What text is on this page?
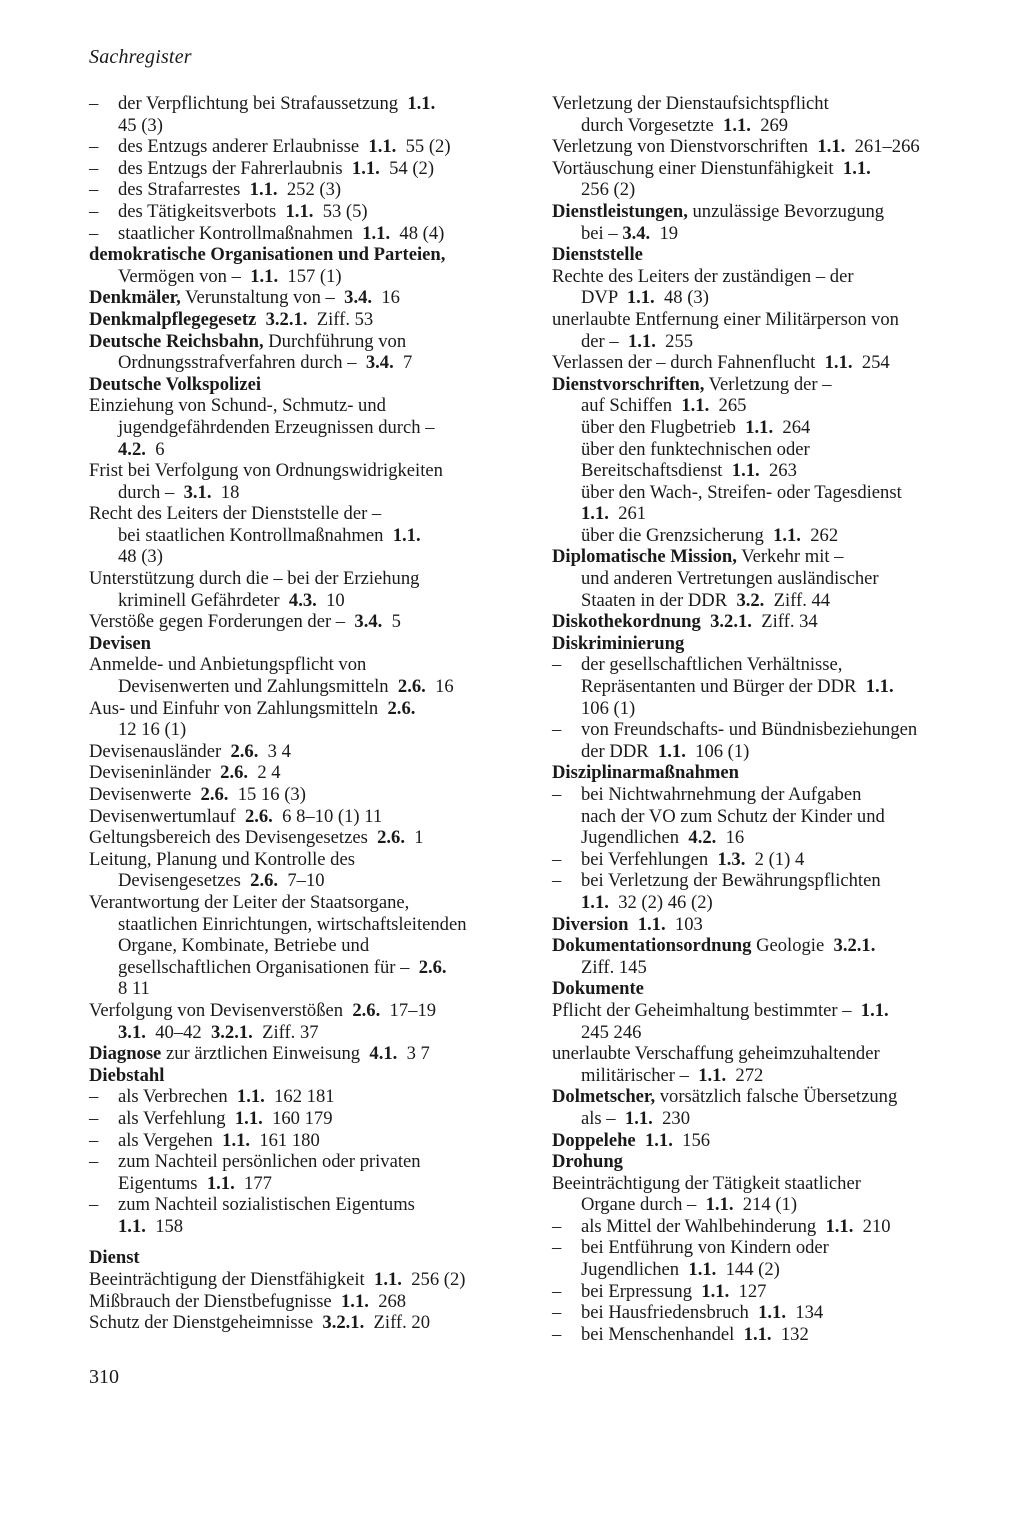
Sachregister
–	der Verpflichtung bei Strafaussetzung  1.1.
45 (3)
–	des Entzugs anderer Erlaubnisse  1.1.  55 (2)
–	des Entzugs der Fahrerlaubnis  1.1.  54 (2)
–	des Strafarrestes  1.1.  252 (3)
–	des Tätigkeitsverbots  1.1.  53 (5)
–	staatlicher Kontrollmaßnahmen  1.1.  48 (4)
demokratische Organisationen und Parteien,
Vermögen von –  1.1.  157 (1)
Denkmäler, Verunstaltung von –  3.4.  16
Denkmalpflegegesetz 3.2.1.  Ziff. 53
Deutsche Reichsbahn, Durchführung von
Ordnungsstrafverfahren durch –  3.4.  7
Deutsche Volkspolizei
Einziehung von Schund-, Schmutz- und
jugendgefährdenden Erzeugnissen durch –
4.2.  6
Frist bei Verfolgung von Ordnungswidrigkeiten
durch –  3.1.  18
Recht des Leiters der Dienststelle der –
bei staatlichen Kontrollmaßnahmen  1.1.
48 (3)
Unterstützung durch die – bei der Erziehung
kriminell Gefährdeter  4.3.  10
Verstöße gegen Forderungen der –  3.4.  5
Devisen
Anmelde- und Anbietungspflicht von
Devisenwerten und Zahlungsmitteln  2.6.  16
Aus- und Einfuhr von Zahlungsmitteln  2.6.
12 16 (1)
Devisenausländer  2.6.  3 4
Deviseninländer  2.6.  2 4
Devisenwerte  2.6.  15 16 (3)
Devisenwertumlauf  2.6.  6 8–10 (1) 11
Geltungsbereich des Devisengesetzes  2.6.  1
Leitung, Planung und Kontrolle des
Devisengesetzes  2.6.  7–10
Verantwortung der Leiter der Staatsorgane,
staatlichen Einrichtungen, wirtschaftsleitenden
Organe, Kombinate, Betriebe und
gesellschaftlichen Organisationen für –  2.6.
8 11
Verfolgung von Devisenverstößen  2.6.  17–19
3.1.  40–42  3.2.1.  Ziff. 37
Diagnose zur ärztlichen Einweisung  4.1.  3 7
Diebstahl
–	als Verbrechen  1.1.  162 181
–	als Verfehlung  1.1.  160 179
–	als Vergehen  1.1.  161 180
–	zum Nachteil persönlichen oder privaten
Eigentums  1.1.  177
–	zum Nachteil sozialistischen Eigentums
1.1.  158
Dienst
Beeinträchtigung der Dienstfähigkeit  1.1.  256 (2)
Mißbrauch der Dienstbefugnisse  1.1.  268
Schutz der Dienstgeheimnisse  3.2.1.  Ziff. 20
Verletzung der Dienstaufsichtspflicht
durch Vorgesetzte  1.1.  269
Verletzung von Dienstvorschriften  1.1.  261–266
Vortäuschung einer Dienstunfähigkeit  1.1.
256 (2)
Dienstleistungen, unzulässige Bevorzugung
bei – 3.4.  19
Dienststelle
Rechte des Leiters der zuständigen – der
DVP  1.1.  48 (3)
unerlaubte Entfernung einer Militärperson von
der –  1.1.  255
Verlassen der – durch Fahnenflucht  1.1.  254
Dienstvorschriften, Verletzung der –
auf Schiffen  1.1.  265
über den Flugbetrieb  1.1.  264
über den funktechnischen oder
Bereitschaftsdienst  1.1.  263
über den Wach-, Streifen- oder Tagesdienst
1.1.  261
über die Grenzsicherung  1.1.  262
Diplomatische Mission, Verkehr mit –
und anderen Vertretungen ausländischer
Staaten in der DDR  3.2.  Ziff. 44
Diskothekordnung 3.2.1.  Ziff. 34
Diskriminierung
–	der gesellschaftlichen Verhältnisse,
Repräsentanten und Bürger der DDR  1.1.
106 (1)
–	von Freundschafts- und Bündnisbeziehungen
der DDR  1.1.  106 (1)
Disziplinarmaßnahmen
–	bei Nichtwahrnehmung der Aufgaben
nach der VO zum Schutz der Kinder und
Jugendlichen  4.2.  16
–	bei Verfehlungen  1.3.  2 (1) 4
–	bei Verletzung der Bewährungspflichten
1.1.  32 (2) 46 (2)
Diversion 1.1.  103
Dokumentationsordnung Geologie  3.2.1.
Ziff. 145
Dokumente
Pflicht der Geheimhaltung bestimmter –  1.1.
245 246
unerlaubte Verschaffung geheimzuhaltender
militärischer –  1.1.  272
Dolmetscher, vorsätzlich falsche Übersetzung
als –  1.1.  230
Doppelehe 1.1.  156
Drohung
Beeinträchtigung der Tätigkeit staatlicher
Organe durch –  1.1.  214 (1)
–	als Mittel der Wahlbehinderung  1.1.  210
–	bei Entführung von Kindern oder
Jugendlichen  1.1.  144 (2)
–	bei Erpressung  1.1.  127
–	bei Hausfriedensbruch  1.1.  134
–	bei Menschenhandel  1.1.  132
310
